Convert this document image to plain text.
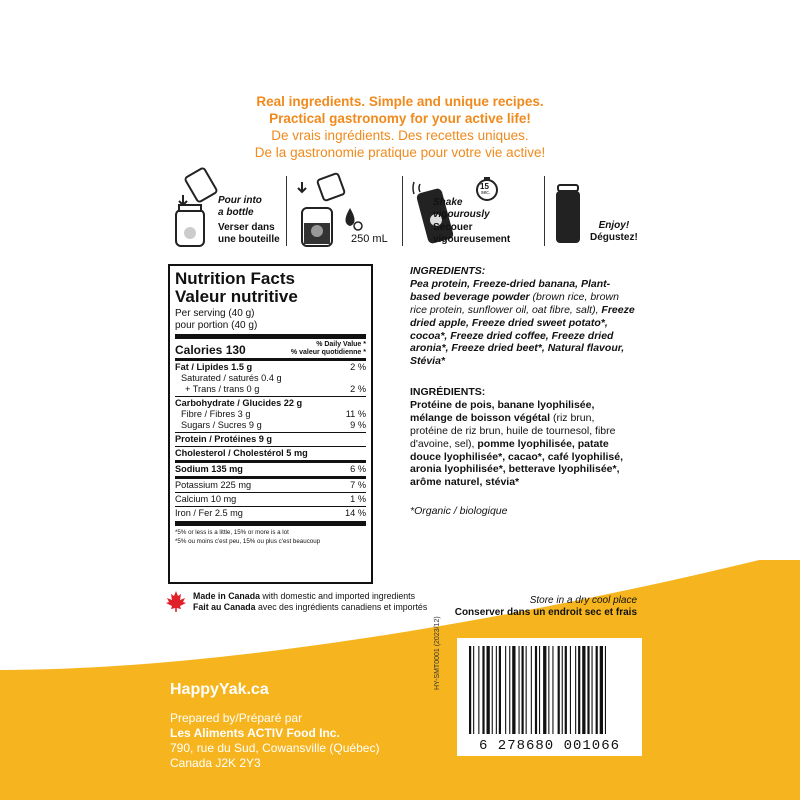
Real ingredients. Simple and unique recipes.
Practical gastronomy for your active life!
De vrais ingrédients. Des recettes uniques.
De la gastronomie pratique pour votre vie active!
Pour into
a bottle
Verser dans
une bouteille	250 mL
15
sec.
Shake
vigourously
Secouer
vigoureusement
Enjoy!
Dégustez!
Nutrition Facts
Valeur nutritive
Per serving (40 g)
pour portion (40 g)
Calories 130	% Daily Value *
% valeur quotidienne *
Fat / Lipides 1.5 g	2 %
Saturated / saturés 0.4 g
+ Trans / trans 0 g	2 %
Carbohydrate / Glucides 22 g
Fibre / Fibres 3 g	11 %
Sugars / Sucres 9 g	9 %
Protein / Protéines 9 g
Cholesterol / Cholestérol 5 mg
Sodium 135 mg	6 %
Potassium 225 mg	7 %
Calcium 10 mg	1 %
Iron / Fer 2.5 mg	14 %
*5% or less is a little, 15% or more is a lot
*5% ou moins c'est peu, 15% ou plus c'est beaucoup
INGREDIENTS:
Pea protein, Freeze-dried banana, Plant-based beverage powder (brown rice, brown rice protein, sunflower oil, oat fibre, salt), Freeze dried apple, Freeze dried sweet potato*, cocoa*, Freeze dried coffee, Freeze dried aronia*, Freeze dried beet*, Natural flavour, Stévia*
INGRÉDIENTS:
Protéine de pois, banane lyophilisée, mélange de boisson végétal (riz brun, protéine de riz brun, huile de tournesol, fibre d'avoine, sel), pomme lyophilisée, patate douce lyophilisée*, cacao*, café lyophilisé, aronia lyophilisée*, betterave lyophilisée*, arôme naturel, stévia*
*Organic / biologique
Made in Canada with domestic and imported ingredients
Fait au Canada avec des ingrédients canadiens et importés
Store in a dry cool place
Conserver dans un endroit sec et frais
HappyYak.ca
Prepared by/Préparé par
Les Aliments ACTIV Food Inc.
790, rue du Sud, Cowansville (Québec)
Canada J2K 2Y3
HY-SMT0001 (2023/12)
6 278680 001066
